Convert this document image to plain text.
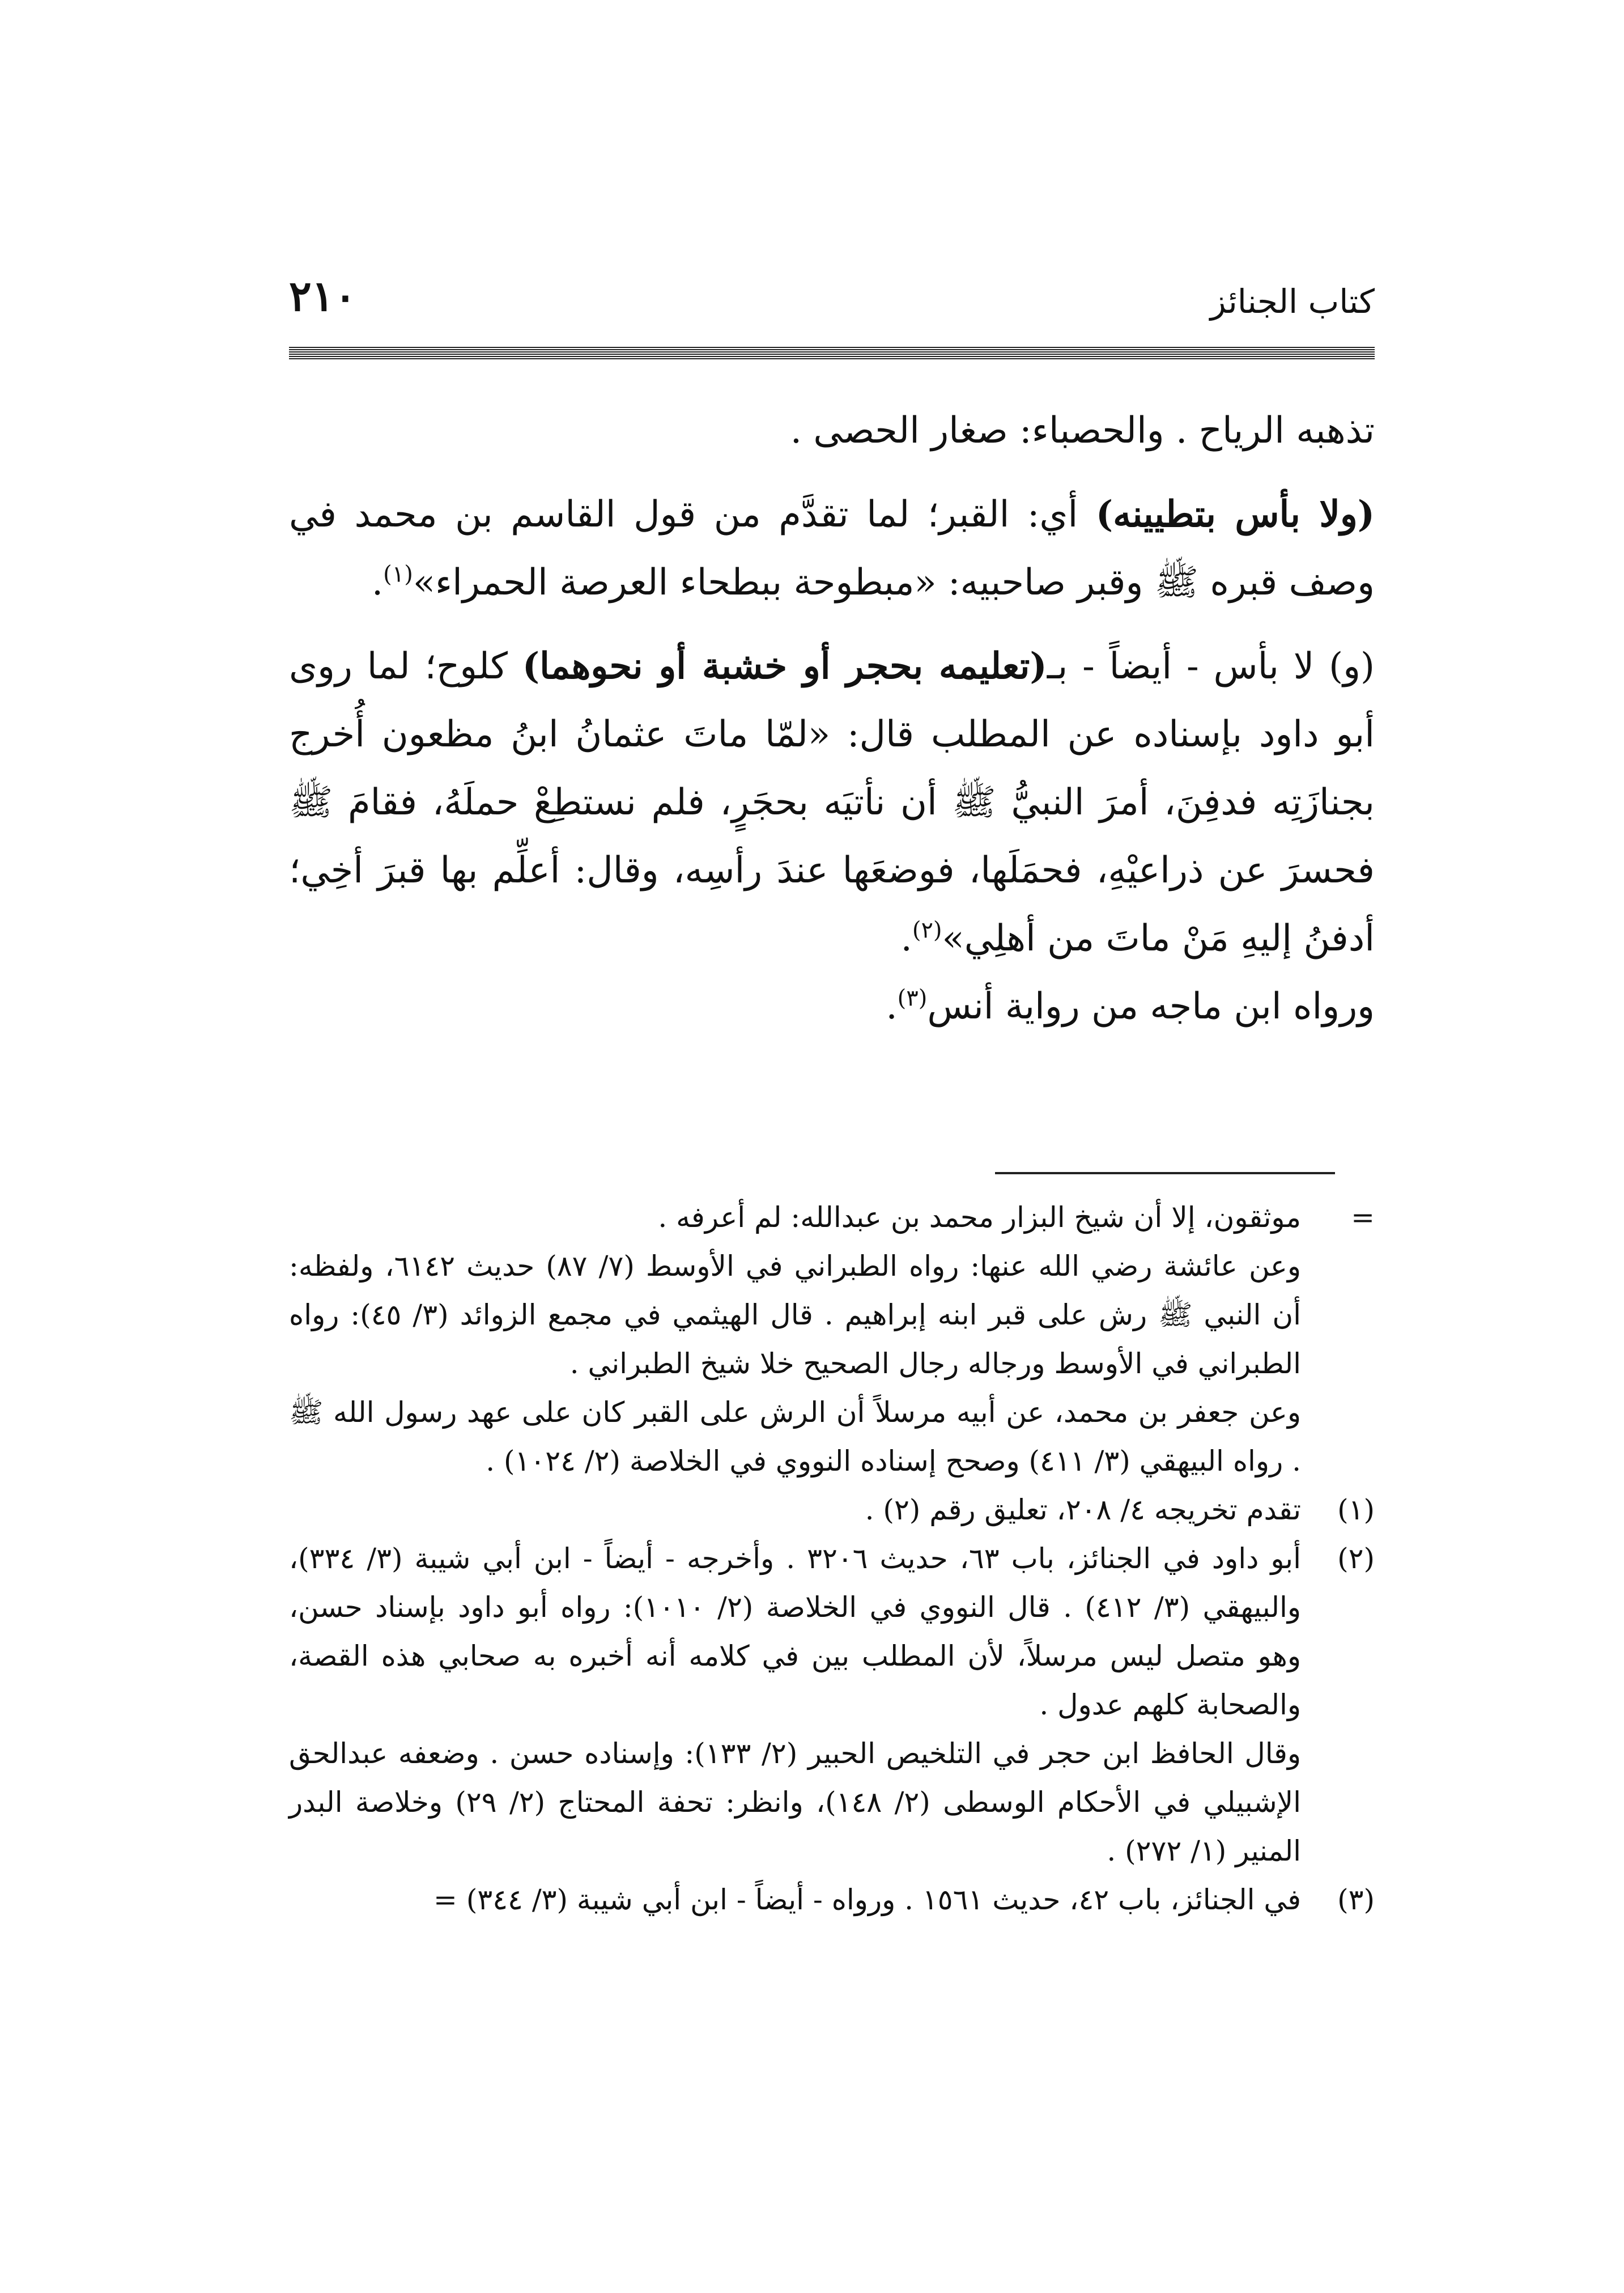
٢١٠	كتاب الجنائز

تذهبه الرياح . والحصباء: صغار الحصى .

(ولا بأس بتطيينه) أي: القبر؛ لما تقدَّم من قول القاسم بن محمد في وصف قبره ﷺ وقبر صاحبيه: «مبطوحة ببطحاء العرصة الحمراء»$^{(١)}$.

(و) لا بأس - أيضاً - بـ(تعليمه بحجر أو خشبة أو نحوهما) كلوح؛ لما روى أبو داود بإسناده عن المطلب قال: «لمّا ماتَ عثمانُ ابنُ مظعون أُخرج بجنازَتِه فدفِنَ، أمرَ النبيُّ ﷺ أن نأتيَه بحجَرٍ، فلم نستطِعْ حملَهُ، فقامَ ﷺ فحسرَ عن ذراعيْهِ، فحمَلَها، فوضعَها عندَ رأسِه، وقال: أعلِّم بها قبرَ أخِي؛ أدفنُ إليهِ مَنْ ماتَ من أهلِي»$^{(٢)}$.
ورواه ابن ماجه من رواية أنس$^{(٣)}$.

=

موثقون، إلا أن شيخ البزار محمد بن عبدالله: لم أعرفه .

وعن عائشة رضي الله عنها: رواه الطبراني في الأوسط (٧/ ٨٧) حديث ٦١٤٢، ولفظه: أن النبي ﷺ رش على قبر ابنه إبراهيم . قال الهيثمي في مجمع الزوائد (٣/ ٤٥): رواه الطبراني في الأوسط ورجاله رجال الصحيح خلا شيخ الطبراني .

وعن جعفر بن محمد، عن أبيه مرسلاً أن الرش على القبر كان على عهد رسول الله ﷺ . رواه البيهقي (٣/ ٤١١) وصحح إسناده النووي في الخلاصة (٢/ ١٠٢٤) .

(١)

تقدم تخريجه ٤/ ٢٠٨، تعليق رقم (٢) .

(٢)

أبو داود في الجنائز، باب ٦٣، حديث ٣٢٠٦ . وأخرجه - أيضاً - ابن أبي شيبة (٣/ ٣٣٤)، والبيهقي (٣/ ٤١٢) . قال النووي في الخلاصة (٢/ ١٠١٠): رواه أبو داود بإسناد حسن، وهو متصل ليس مرسلاً، لأن المطلب بين في كلامه أنه أخبره به صحابي هذه القصة، والصحابة كلهم عدول .

وقال الحافظ ابن حجر في التلخيص الحبير (٢/ ١٣٣): وإسناده حسن . وضعفه عبدالحق الإشبيلي في الأحكام الوسطى (٢/ ١٤٨)، وانظر: تحفة المحتاج (٢/ ٢٩) وخلاصة البدر المنير (١/ ٢٧٢) .

(٣)

في الجنائز، باب ٤٢، حديث ١٥٦١ . ورواه - أيضاً - ابن أبي شيبة (٣/ ٣٤٤) =
